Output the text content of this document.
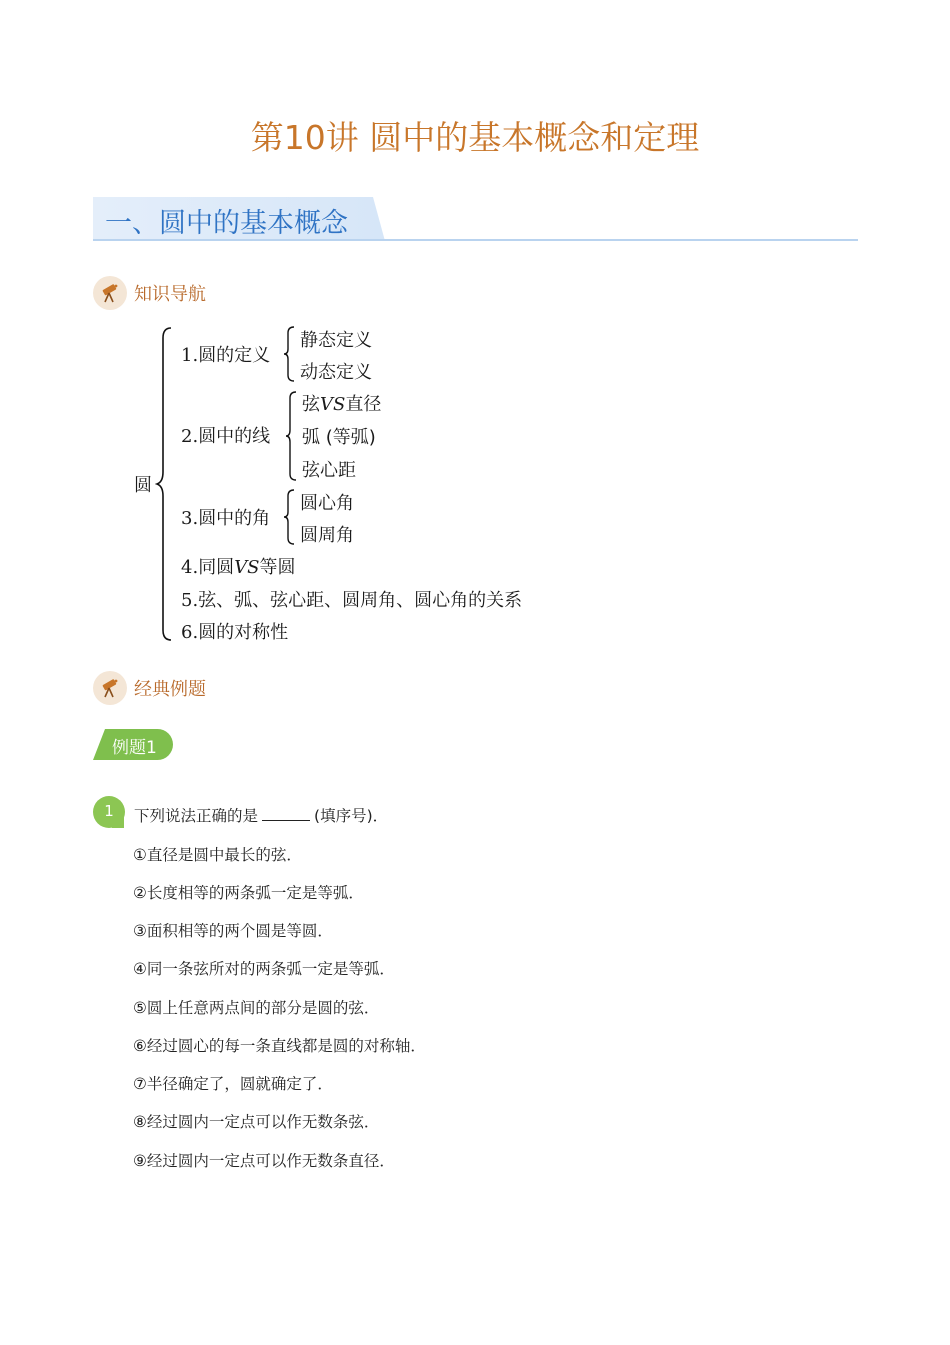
第10讲 圆中的基本概念和定理
一、圆中的基本概念
知识导航
圆
1.圆的定义
静态定义
动态定义
2.圆中的线
弦VS直径
弧 (等弧)
弦心距
3.圆中的角
圆心角
圆周角
4.同圆VS等圆
5.弦、弧、弦心距、圆周角、圆心角的关系
6.圆的对称性
经典例题
例题1
1	下列说法正确的是	(填序号)．
①直径是圆中最长的弦．
②长度相等的两条弧一定是等弧．
③面积相等的两个圆是等圆．
④同一条弦所对的两条弧一定是等弧．
⑤圆上任意两点间的部分是圆的弦．
⑥经过圆心的每一条直线都是圆的对称轴．
⑦半径确定了，圆就确定了．
⑧经过圆内一定点可以作无数条弦．
⑨经过圆内一定点可以作无数条直径．
